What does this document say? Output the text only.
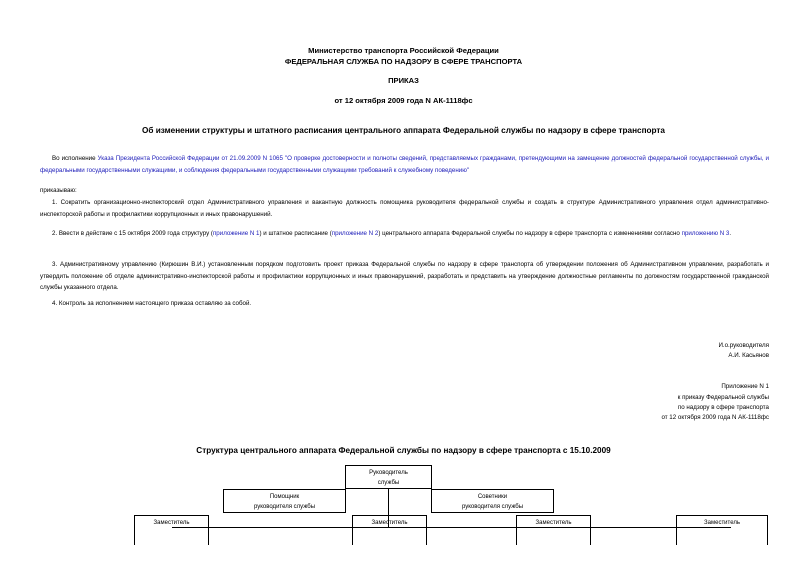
Министерство транспорта Российской Федерации
ФЕДЕРАЛЬНАЯ СЛУЖБА ПО НАДЗОРУ В СФЕРЕ ТРАНСПОРТА
ПРИКАЗ
от 12 октября 2009 года N АК-1118фс
Об изменении структуры и штатного расписания центрального аппарата Федеральной службы по надзору в сфере транспорта
Во исполнение Указа Президента Российской Федерации от 21.09.2009 N 1065 "О проверке достоверности и полноты сведений, представляемых гражданами, претендующими на замещение должностей федеральной государственной службы, и федеральными государственными служащими, и соблюдения федеральными государственными служащими требований к служебному поведению"
приказываю:
1. Сократить организационно-инспекторский отдел Административного управления и вакантную должность помощника руководителя федеральной службы и создать в структуре Административного управления отдел административно-инспекторской работы и профилактики коррупционных и иных правонарушений.
2. Ввести в действие с 15 октября 2009 года структуру (приложение N 1) и штатное расписание (приложение N 2) центрального аппарата Федеральной службы по надзору в сфере транспорта с изменениями согласно приложению N 3.
3. Административному управлению (Кирюшин В.И.) установленным порядком подготовить проект приказа Федеральной службы по надзору в сфере транспорта об утверждении положения об Административном управлении, разработать и утвердить положение об отделе административно-инспекторской работы и профилактики коррупционных и иных правонарушений, разработать и представить на утверждение должностные регламенты по должностям государственной гражданской службы указанного отдела.
4. Контроль за исполнением настоящего приказа оставляю за собой.
И.о.руководителя
А.И. Касьянов
Приложение N 1
к приказу Федеральной службы
по надзору в сфере транспорта
от 12 октября 2009 года N АК-1118фс
Структура центрального аппарата Федеральной службы по надзору в сфере транспорта с 15.10.2009
Руководитель
службы
Помощник
руководителя службы
Советники
руководителя службы
Заместитель	Заместитель	Заместитель	Заместитель
